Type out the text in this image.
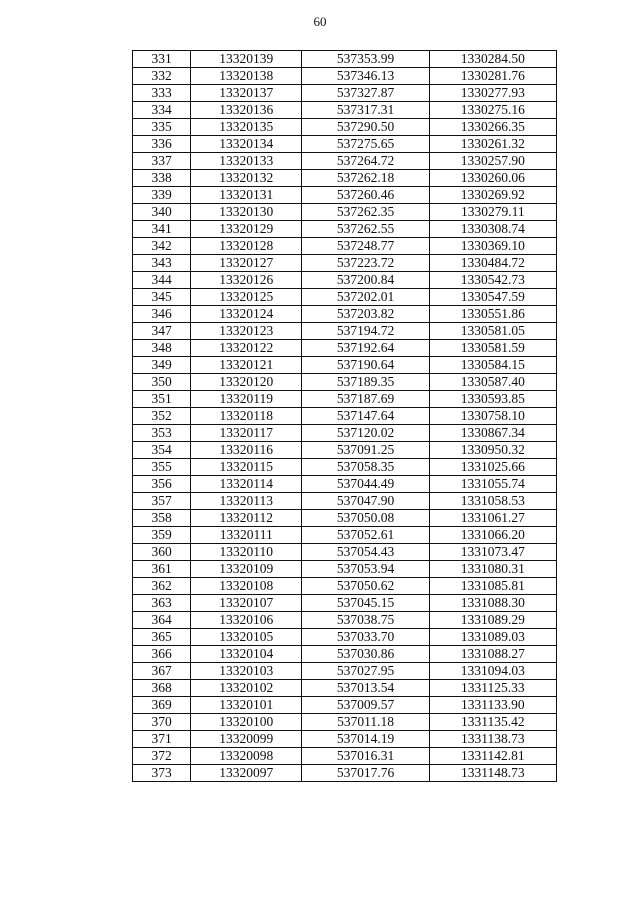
60
331	13320139	537353.99	1330284.50
332	13320138	537346.13	1330281.76
333	13320137	537327.87	1330277.93
334	13320136	537317.31	1330275.16
335	13320135	537290.50	1330266.35
336	13320134	537275.65	1330261.32
337	13320133	537264.72	1330257.90
338	13320132	537262.18	1330260.06
339	13320131	537260.46	1330269.92
340	13320130	537262.35	1330279.11
341	13320129	537262.55	1330308.74
342	13320128	537248.77	1330369.10
343	13320127	537223.72	1330484.72
344	13320126	537200.84	1330542.73
345	13320125	537202.01	1330547.59
346	13320124	537203.82	1330551.86
347	13320123	537194.72	1330581.05
348	13320122	537192.64	1330581.59
349	13320121	537190.64	1330584.15
350	13320120	537189.35	1330587.40
351	13320119	537187.69	1330593.85
352	13320118	537147.64	1330758.10
353	13320117	537120.02	1330867.34
354	13320116	537091.25	1330950.32
355	13320115	537058.35	1331025.66
356	13320114	537044.49	1331055.74
357	13320113	537047.90	1331058.53
358	13320112	537050.08	1331061.27
359	13320111	537052.61	1331066.20
360	13320110	537054.43	1331073.47
361	13320109	537053.94	1331080.31
362	13320108	537050.62	1331085.81
363	13320107	537045.15	1331088.30
364	13320106	537038.75	1331089.29
365	13320105	537033.70	1331089.03
366	13320104	537030.86	1331088.27
367	13320103	537027.95	1331094.03
368	13320102	537013.54	1331125.33
369	13320101	537009.57	1331133.90
370	13320100	537011.18	1331135.42
371	13320099	537014.19	1331138.73
372	13320098	537016.31	1331142.81
373	13320097	537017.76	1331148.73
